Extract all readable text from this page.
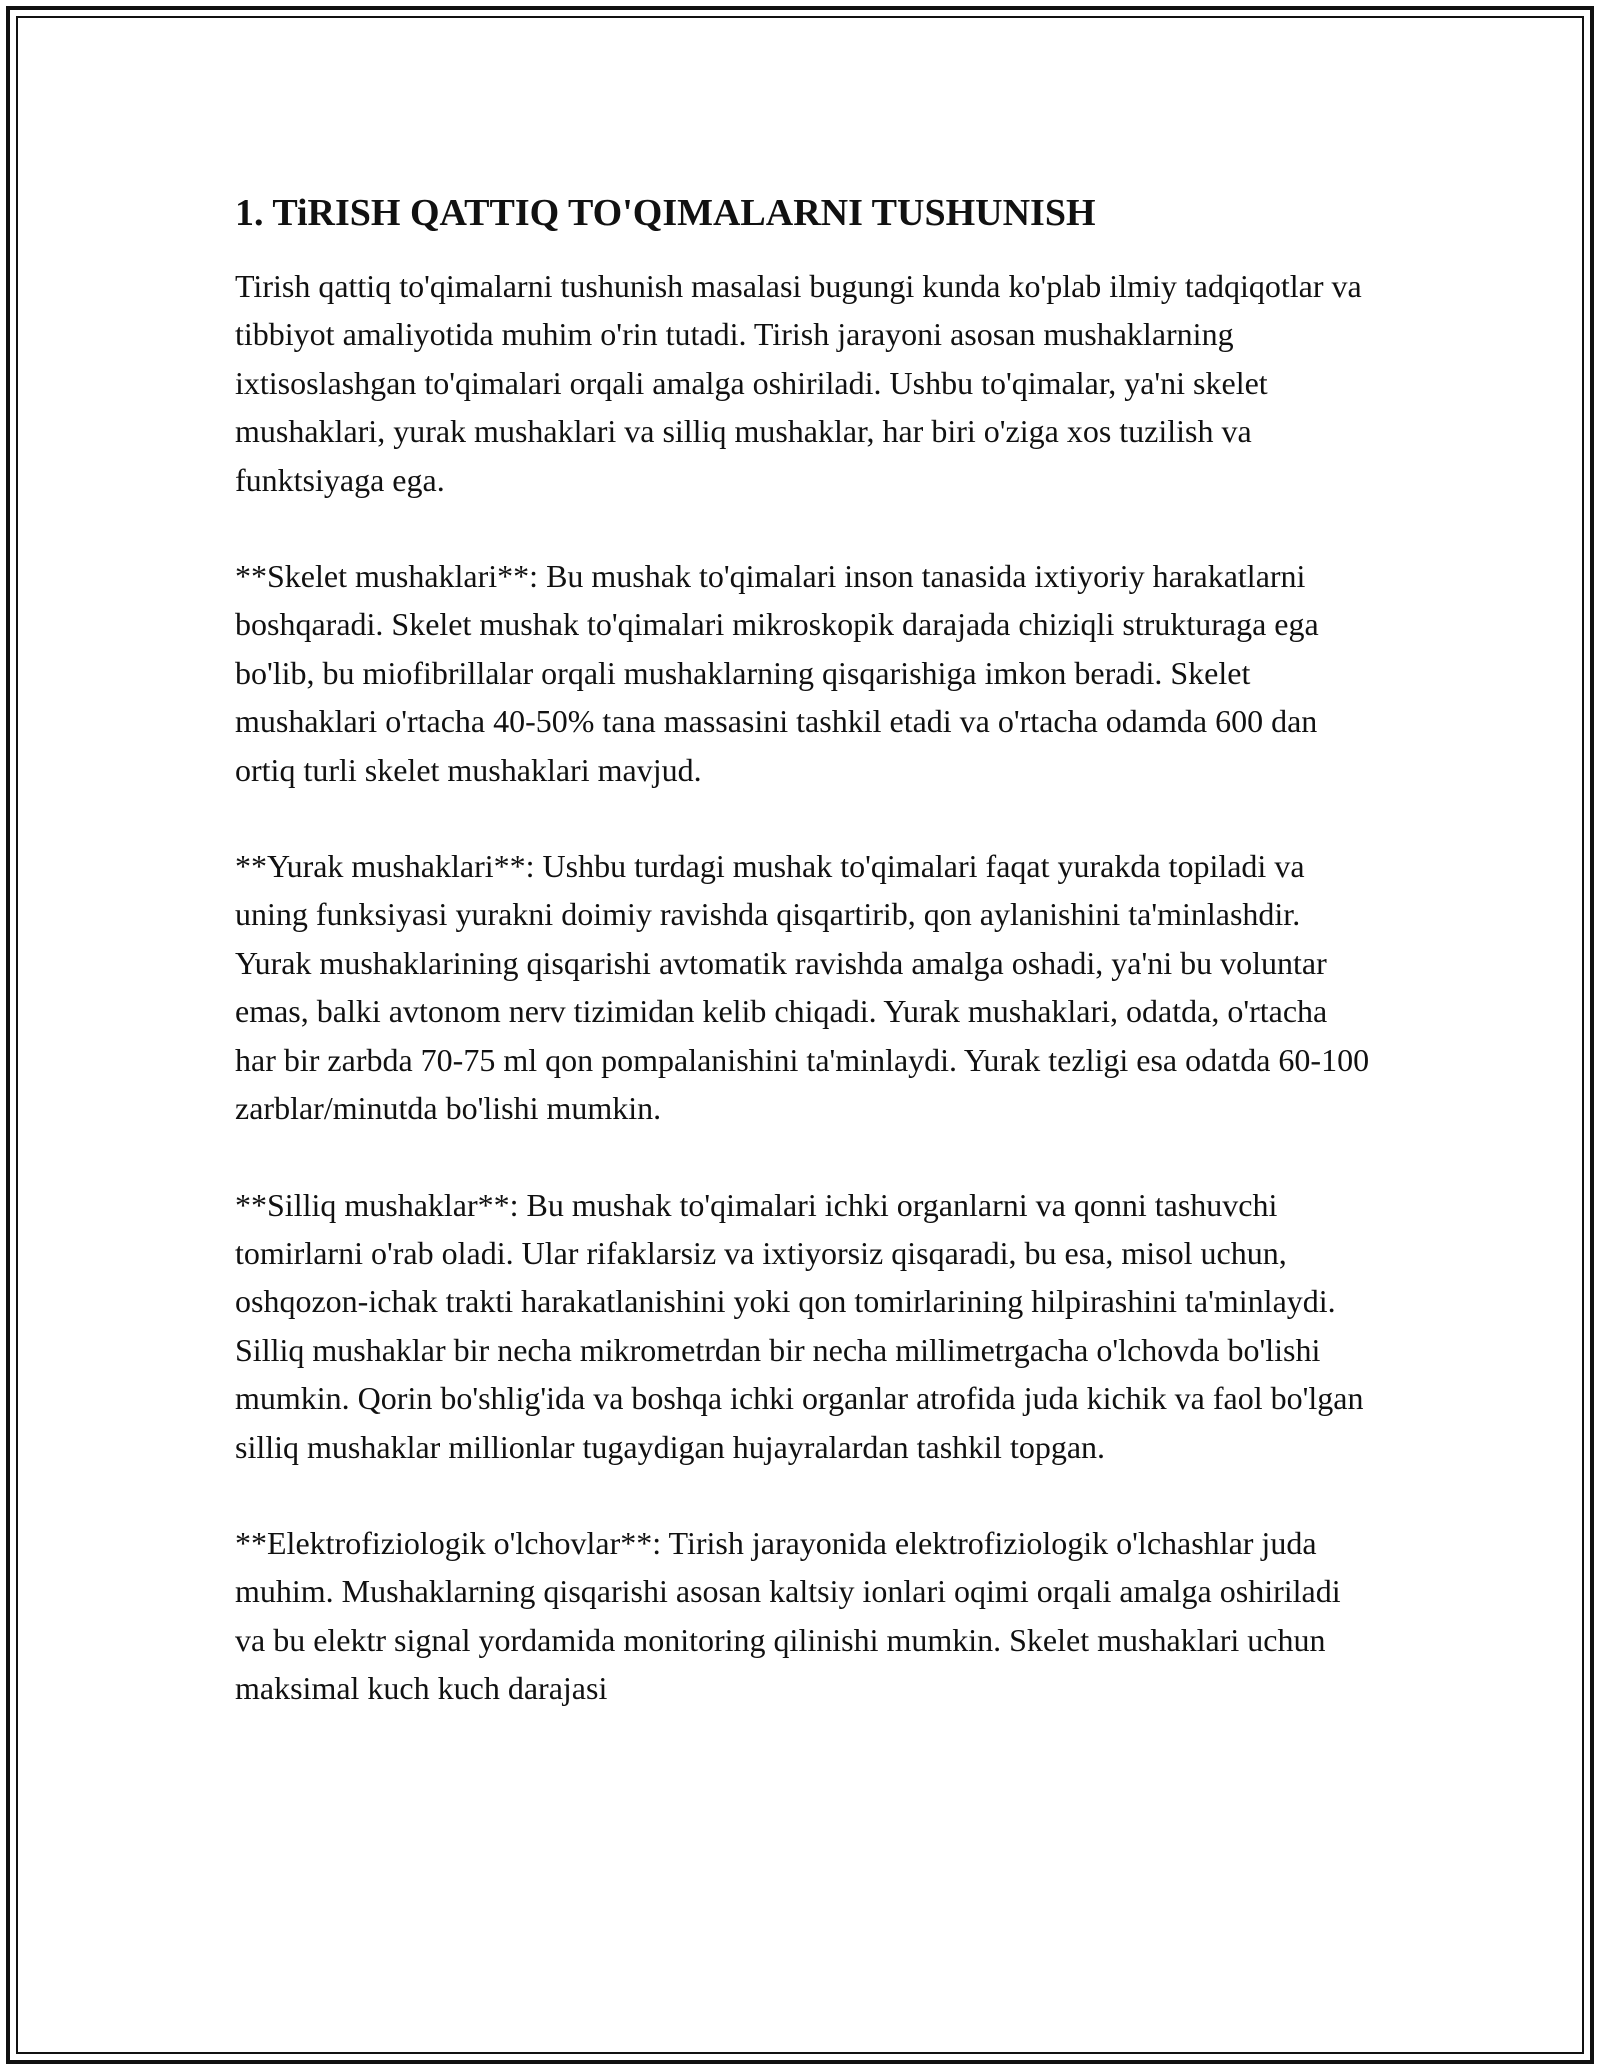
1. TiRISH QATTIQ TO'QIMALARNI TUSHUNISH

Tirish qattiq to'qimalarni tushunish masalasi bugungi kunda ko'plab ilmiy tadqiqotlar va tibbiyot amaliyotida muhim o'rin tutadi. Tirish jarayoni asosan mushaklarning ixtisoslashgan to'qimalari orqali amalga oshiriladi. Ushbu to'qimalar, ya'ni skelet mushaklari, yurak mushaklari va silliq mushaklar, har biri o'ziga xos tuzilish va funktsiyaga ega.

**Skelet mushaklari**: Bu mushak to'qimalari inson tanasida ixtiyoriy harakatlarni boshqaradi. Skelet mushak to'qimalari mikroskopik darajada chiziqli strukturaga ega bo'lib, bu miofibrillalar orqali mushaklarning qisqarishiga imkon beradi. Skelet mushaklari o'rtacha 40-50% tana massasini tashkil etadi va o'rtacha odamda 600 dan ortiq turli skelet mushaklari mavjud.

**Yurak mushaklari**: Ushbu turdagi mushak to'qimalari faqat yurakda topiladi va uning funksiyasi yurakni doimiy ravishda qisqartirib, qon aylanishini ta'minlashdir. Yurak mushaklarining qisqarishi avtomatik ravishda amalga oshadi, ya'ni bu voluntar emas, balki avtonom nerv tizimidan kelib chiqadi. Yurak mushaklari, odatda, o'rtacha har bir zarbda 70-75 ml qon pompalanishini ta'minlaydi. Yurak tezligi esa odatda 60-100 zarblar/minutda bo'lishi mumkin.

**Silliq mushaklar**: Bu mushak to'qimalari ichki organlarni va qonni tashuvchi tomirlarni o'rab oladi. Ular rifaklarsiz va ixtiyorsiz qisqaradi, bu esa, misol uchun, oshqozon-ichak trakti harakatlanishini yoki qon tomirlarining hilpirashini ta'minlaydi. Silliq mushaklar bir necha mikrometrdan bir necha millimetrgacha o'lchovda bo'lishi mumkin. Qorin bo'shlig'ida va boshqa ichki organlar atrofida juda kichik va faol bo'lgan silliq mushaklar millionlar tugaydigan hujayralardan tashkil topgan.

**Elektrofiziologik o'lchovlar**: Tirish jarayonida elektrofiziologik o'lchashlar juda muhim. Mushaklarning qisqarishi asosan kaltsiy ionlari oqimi orqali amalga oshiriladi va bu elektr signal yordamida monitoring qilinishi mumkin. Skelet mushaklari uchun maksimal kuch kuch darajasi
